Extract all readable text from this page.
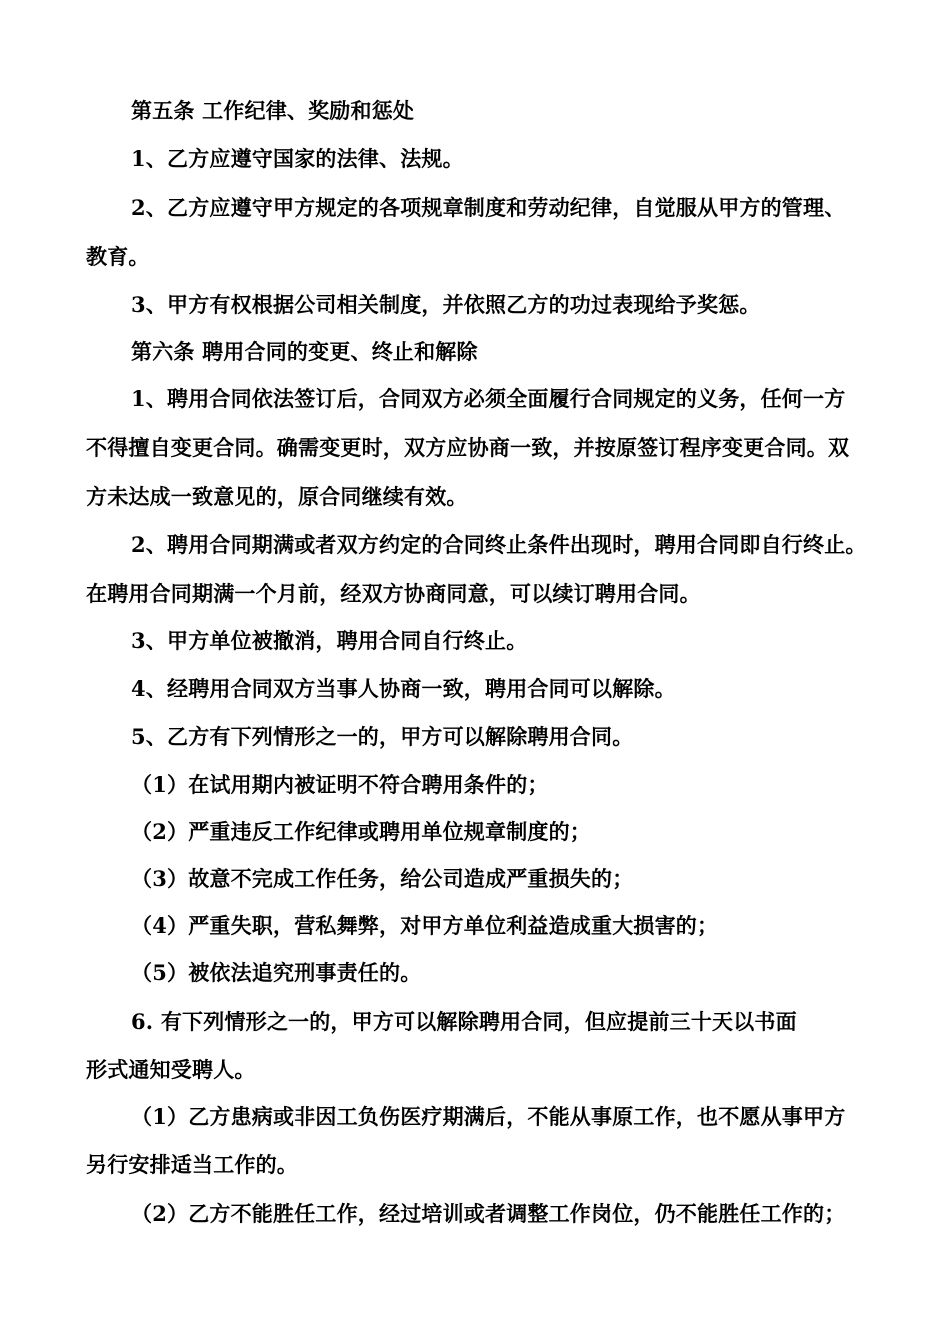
第五条 工作纪律、奖励和惩处
1、乙方应遵守国家的法律、法规。
2、乙方应遵守甲方规定的各项规章制度和劳动纪律，自觉服从甲方的管理、
教育。
3、甲方有权根据公司相关制度，并依照乙方的功过表现给予奖惩。
第六条 聘用合同的变更、终止和解除
1、聘用合同依法签订后，合同双方必须全面履行合同规定的义务，任何一方
不得擅自变更合同。确需变更时，双方应协商一致，并按原签订程序变更合同。双
方未达成一致意见的，原合同继续有效。
2、聘用合同期满或者双方约定的合同终止条件出现时，聘用合同即自行终止。
在聘用合同期满一个月前，经双方协商同意，可以续订聘用合同。
3、甲方单位被撤消，聘用合同自行终止。
4、经聘用合同双方当事人协商一致，聘用合同可以解除。
5、乙方有下列情形之一的，甲方可以解除聘用合同。
（1）在试用期内被证明不符合聘用条件的；
（2）严重违反工作纪律或聘用单位规章制度的；
（3）故意不完成工作任务，给公司造成严重损失的；
（4）严重失职，营私舞弊，对甲方单位利益造成重大损害的；
（5）被依法追究刑事责任的。
6. 有下列情形之一的，甲方可以解除聘用合同，但应提前三十天以书面
形式通知受聘人。
（1）乙方患病或非因工负伤医疗期满后，不能从事原工作，也不愿从事甲方
另行安排适当工作的。
（2）乙方不能胜任工作，经过培训或者调整工作岗位，仍不能胜任工作的；
